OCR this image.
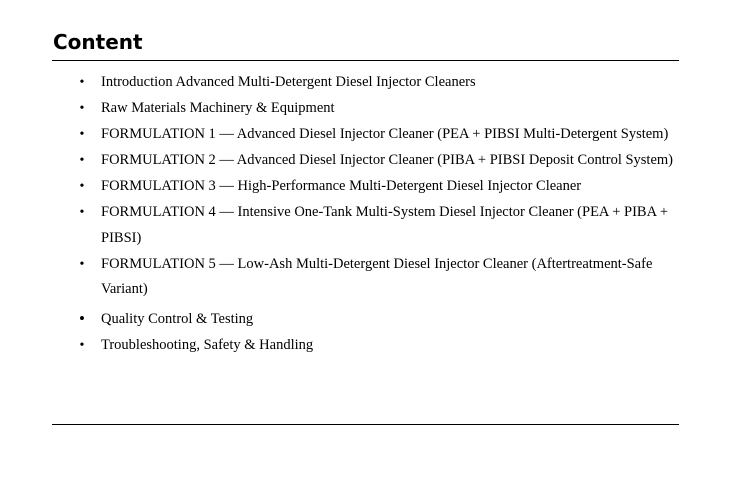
Content
• Introduction Advanced Multi-Detergent Diesel Injector Cleaners
• Raw Materials Machinery & Equipment
• FORMULATION 1 — Advanced Diesel Injector Cleaner (PEA + PIBSI Multi-Detergent System)
• FORMULATION 2 — Advanced Diesel Injector Cleaner (PIBA + PIBSI Deposit Control System)
• FORMULATION 3 — High-Performance Multi-Detergent Diesel Injector Cleaner
• FORMULATION 4 — Intensive One-Tank Multi-System Diesel Injector Cleaner (PEA + PIBA + PIBSI)
• FORMULATION 5 — Low-Ash Multi-Detergent Diesel Injector Cleaner (Aftertreatment-Safe Variant)
• Quality Control & Testing
• Troubleshooting, Safety & Handling
